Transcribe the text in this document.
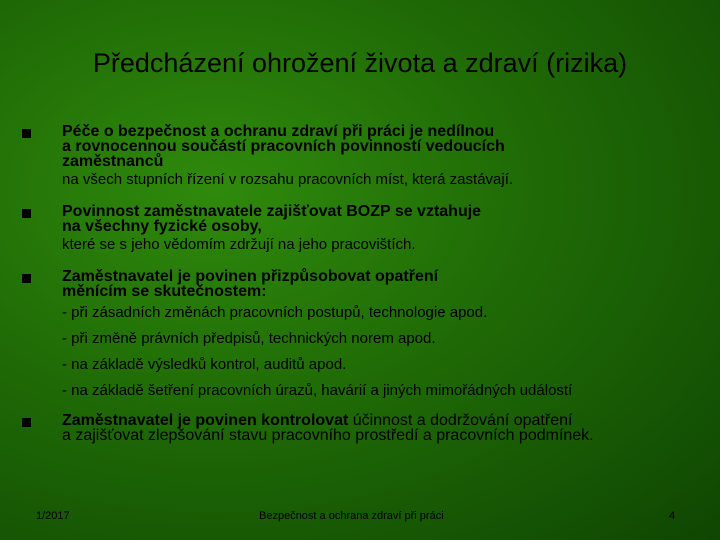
Předcházení ohrožení života a zdraví (rizika)
Péče o bezpečnost a ochranu zdraví při práci je nedílnou
a rovnocennou součástí pracovních povinností vedoucích
zaměstnanců
na všech stupních řízení v rozsahu pracovních míst, která zastávají.
Povinnost zaměstnavatele zajišťovat BOZP se vztahuje
na všechny fyzické osoby,
které se s jeho vědomím zdržují na jeho pracovištích.
Zaměstnavatel je povinen přizpůsobovat opatření
měnícím se skutečnostem:
- při zásadních změnách pracovních postupů, technologie apod.
- při změně právních předpisů, technických norem apod.
- na základě výsledků kontrol, auditů apod.
- na základě šetření pracovních úrazů, havárií a jiných mimořádných událostí
Zaměstnavatel je povinen kontrolovat účinnost a dodržování opatření
a zajišťovat zlepšování stavu pracovního prostředí a pracovních podmínek.
1/2017	Bezpečnost a ochrana zdraví při práci	4
